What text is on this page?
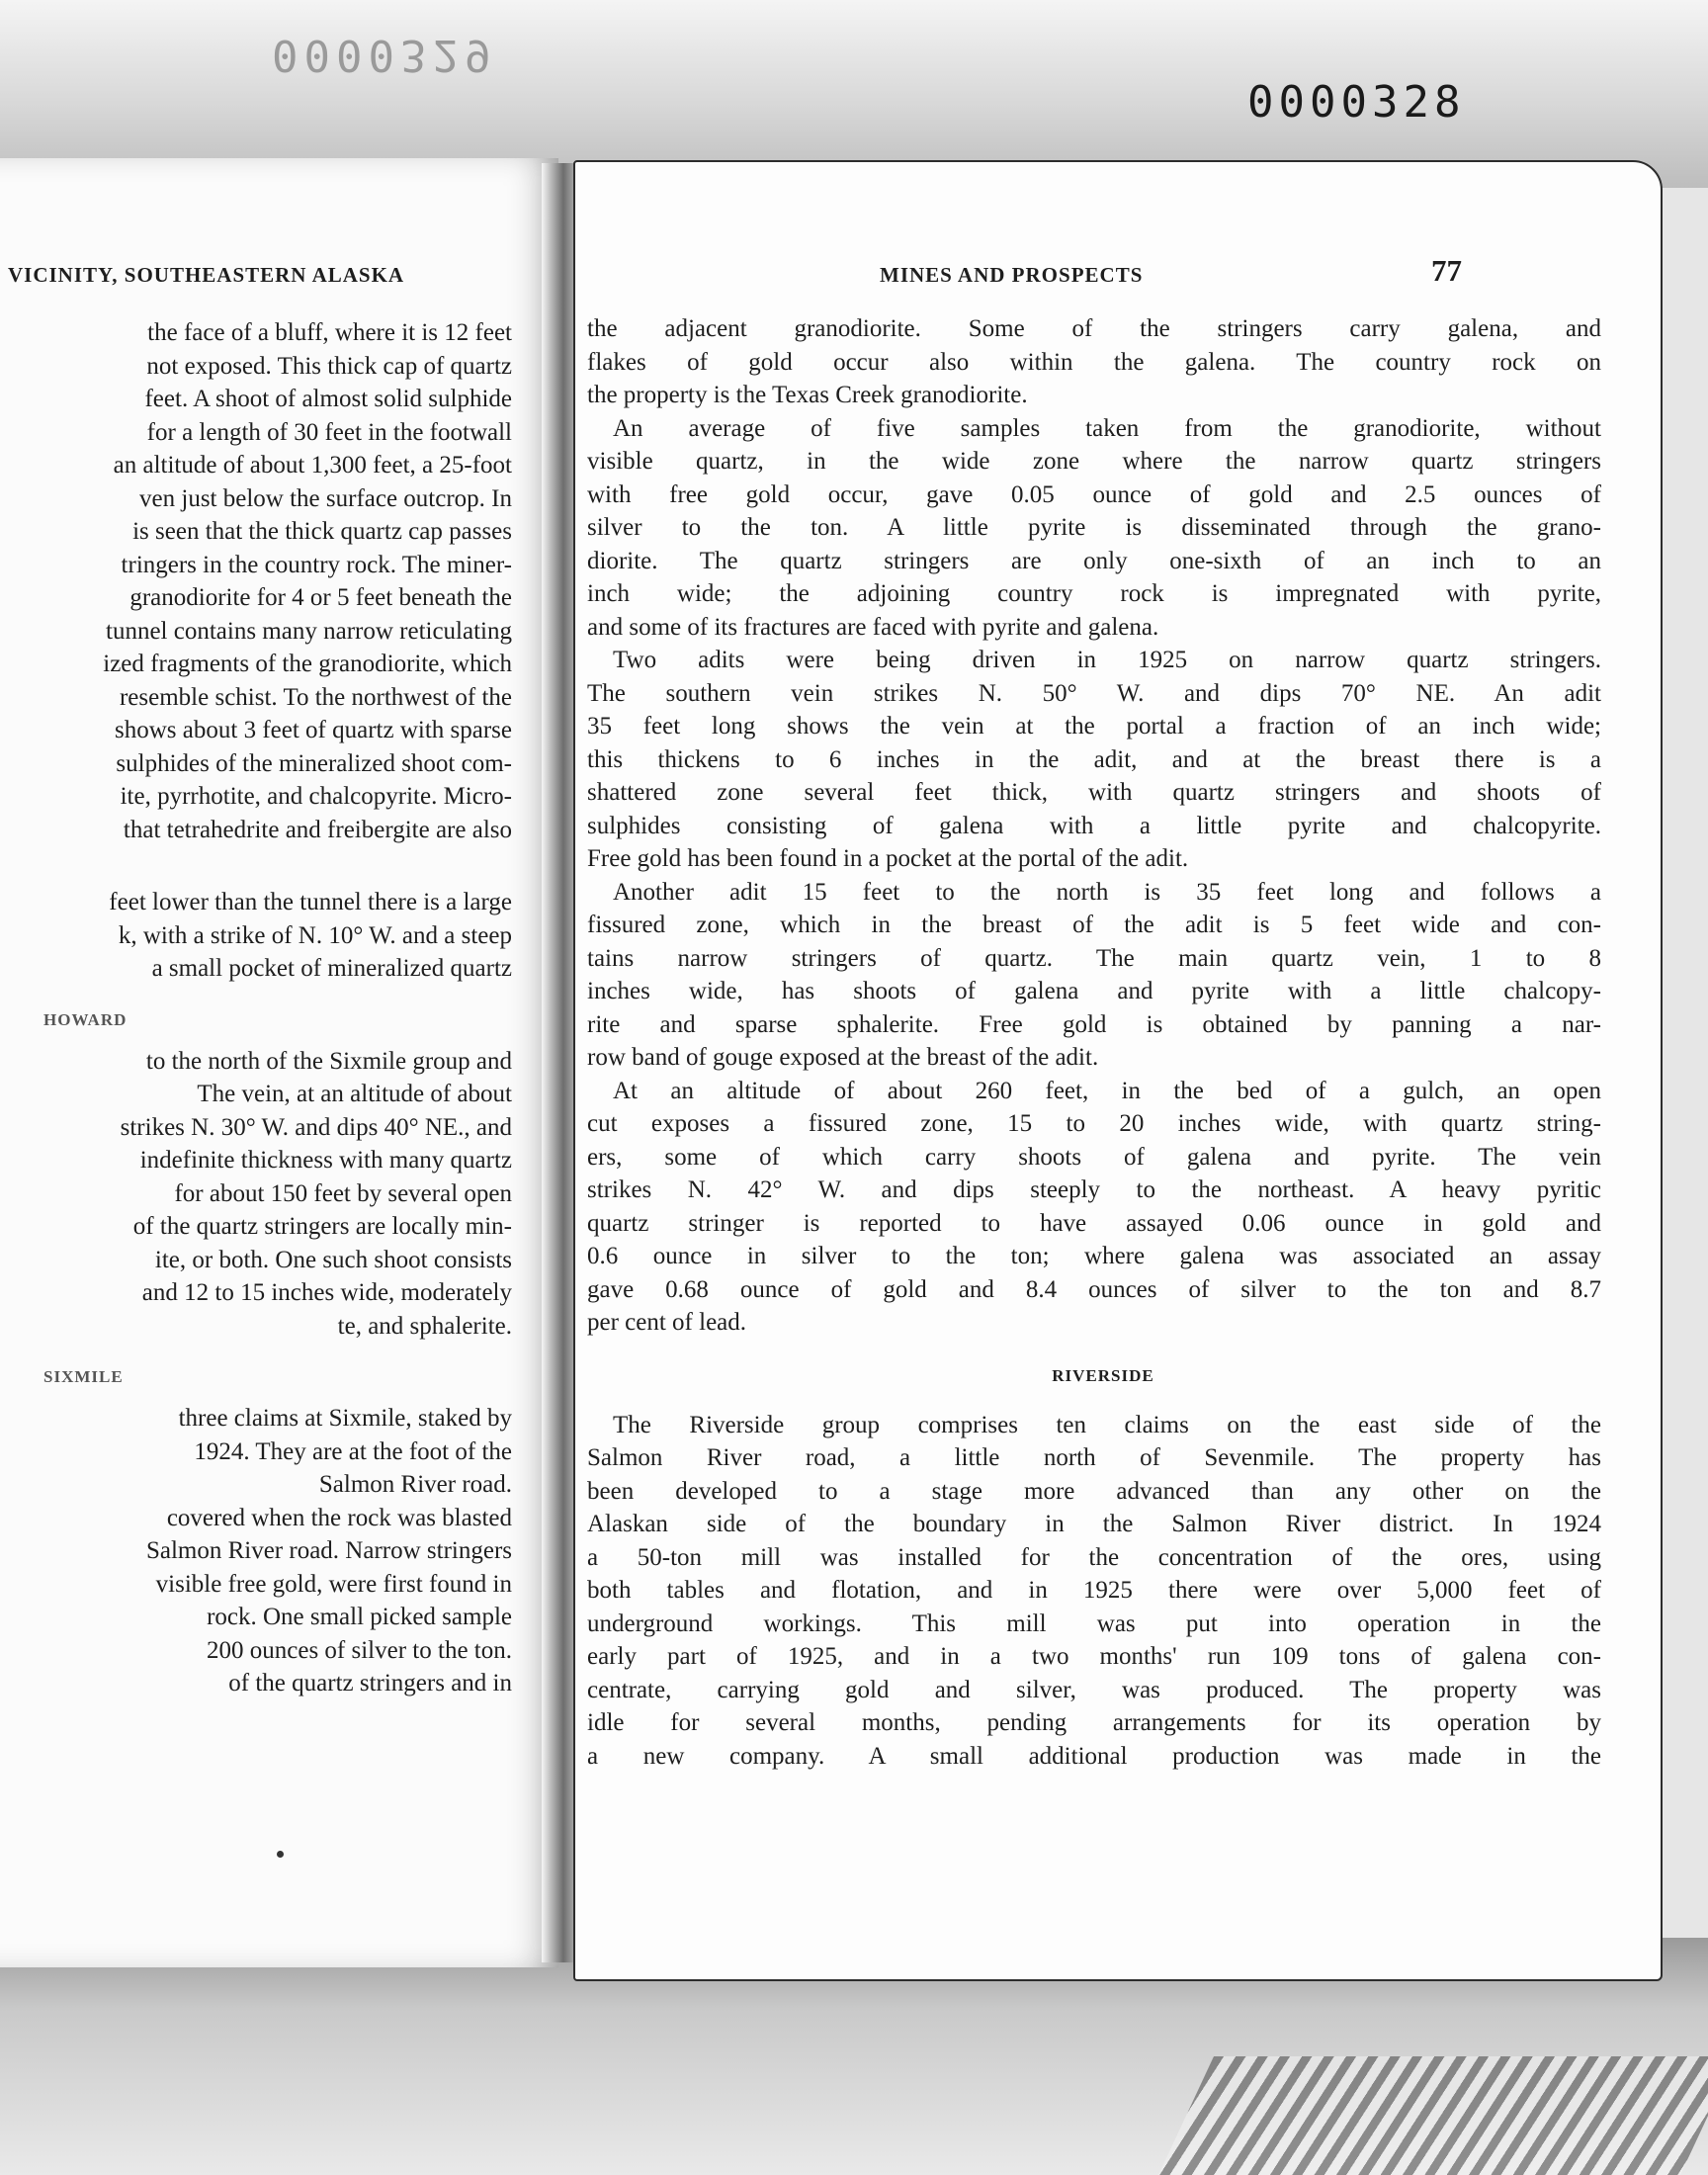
0000329
0000328
VICINITY, SOUTHEASTERN ALASKA
the face of a bluff, where it is 12 feet
not exposed. This thick cap of quartz
feet. A shoot of almost solid sulphide
for a length of 30 feet in the footwall
an altitude of about 1,300 feet, a 25-foot
ven just below the surface outcrop. In
is seen that the thick quartz cap passes
tringers in the country rock. The miner-
granodiorite for 4 or 5 feet beneath the
tunnel contains many narrow reticulating
ized fragments of the granodiorite, which
resemble schist. To the northwest of the
shows about 3 feet of quartz with sparse
sulphides of the mineralized shoot com-
ite, pyrrhotite, and chalcopyrite. Micro-
that tetrahedrite and freibergite are also
feet lower than the tunnel there is a large
k, with a strike of N. 10° W. and a steep
a small pocket of mineralized quartz
HOWARD
to the north of the Sixmile group and
The vein, at an altitude of about
strikes N. 30° W. and dips 40° NE., and
indefinite thickness with many quartz
for about 150 feet by several open
of the quartz stringers are locally min-
ite, or both. One such shoot consists
and 12 to 15 inches wide, moderately
te, and sphalerite.
SIXMILE
three claims at Sixmile, staked by
1924. They are at the foot of the
Salmon River road.
covered when the rock was blasted
Salmon River road. Narrow stringers
visible free gold, were first found in
rock. One small picked sample
200 ounces of silver to the ton.
of the quartz stringers and in
MINES AND PROSPECTS	77
the adjacent granodiorite. Some of the stringers carry galena, and
flakes of gold occur also within the galena. The country rock on
the property is the Texas Creek granodiorite.
An average of five samples taken from the granodiorite, without
visible quartz, in the wide zone where the narrow quartz stringers
with free gold occur, gave 0.05 ounce of gold and 2.5 ounces of
silver to the ton. A little pyrite is disseminated through the grano-
diorite. The quartz stringers are only one-sixth of an inch to an
inch wide; the adjoining country rock is impregnated with pyrite,
and some of its fractures are faced with pyrite and galena.
Two adits were being driven in 1925 on narrow quartz stringers.
The southern vein strikes N. 50° W. and dips 70° NE. An adit
35 feet long shows the vein at the portal a fraction of an inch wide;
this thickens to 6 inches in the adit, and at the breast there is a
shattered zone several feet thick, with quartz stringers and shoots of
sulphides consisting of galena with a little pyrite and chalcopyrite.
Free gold has been found in a pocket at the portal of the adit.
Another adit 15 feet to the north is 35 feet long and follows a
fissured zone, which in the breast of the adit is 5 feet wide and con-
tains narrow stringers of quartz. The main quartz vein, 1 to 8
inches wide, has shoots of galena and pyrite with a little chalcopy-
rite and sparse sphalerite. Free gold is obtained by panning a nar-
row band of gouge exposed at the breast of the adit.
At an altitude of about 260 feet, in the bed of a gulch, an open
cut exposes a fissured zone, 15 to 20 inches wide, with quartz string-
ers, some of which carry shoots of galena and pyrite. The vein
strikes N. 42° W. and dips steeply to the northeast. A heavy pyritic
quartz stringer is reported to have assayed 0.06 ounce in gold and
0.6 ounce in silver to the ton; where galena was associated an assay
gave 0.68 ounce of gold and 8.4 ounces of silver to the ton and 8.7
per cent of lead.
RIVERSIDE
The Riverside group comprises ten claims on the east side of the
Salmon River road, a little north of Sevenmile. The property has
been developed to a stage more advanced than any other on the
Alaskan side of the boundary in the Salmon River district. In 1924
a 50-ton mill was installed for the concentration of the ores, using
both tables and flotation, and in 1925 there were over 5,000 feet of
underground workings. This mill was put into operation in the
early part of 1925, and in a two months' run 109 tons of galena con-
centrate, carrying gold and silver, was produced. The property was
idle for several months, pending arrangements for its operation by
a new company. A small additional production was made in the
